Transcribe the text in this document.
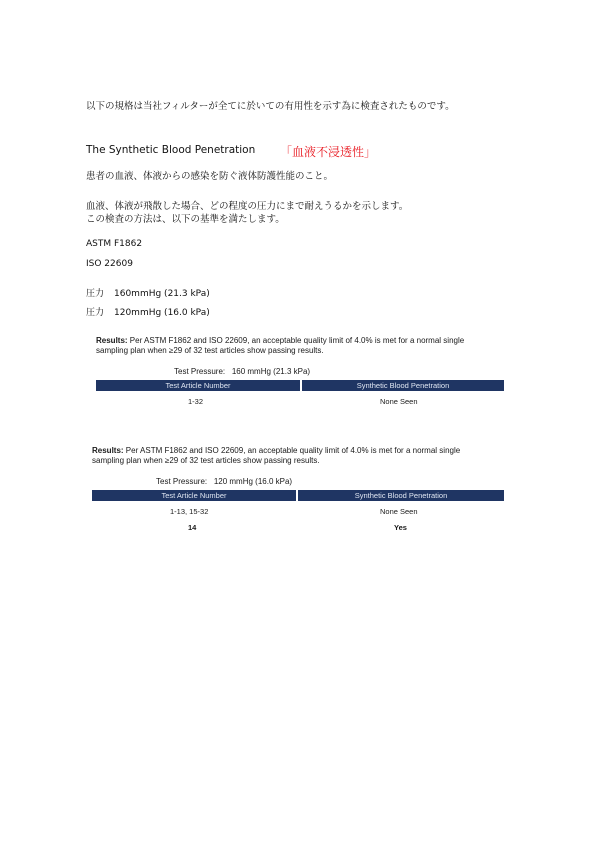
以下の規格は当社フィルターが全てに於いての有用性を示す為に検査されたものです。
The Synthetic Blood Penetration 「血液不浸透性」
患者の血液、体液からの感染を防ぐ液体防護性能のこと。
血液、体液が飛散した場合、どの程度の圧力にまで耐えうるかを示します。
この検査の方法は、以下の基準を満たします。
ASTM F1862
ISO 22609
圧力 160mmHg (21.3 kPa)
圧力 120mmHg (16.0 kPa)
Results: Per ASTM F1862 and ISO 22609, an acceptable quality limit of 4.0% is met for a normal single
sampling plan when ≥29 of 32 test articles show passing results.
Test Pressure: 160 mmHg (21.3 kPa)
Test Article Number	Synthetic Blood Penetration
1-32	None Seen
Results: Per ASTM F1862 and ISO 22609, an acceptable quality limit of 4.0% is met for a normal single
sampling plan when ≥29 of 32 test articles show passing results.
Test Pressure: 120 mmHg (16.0 kPa)
Test Article Number	Synthetic Blood Penetration
1-13, 15-32	None Seen
14	Yes
